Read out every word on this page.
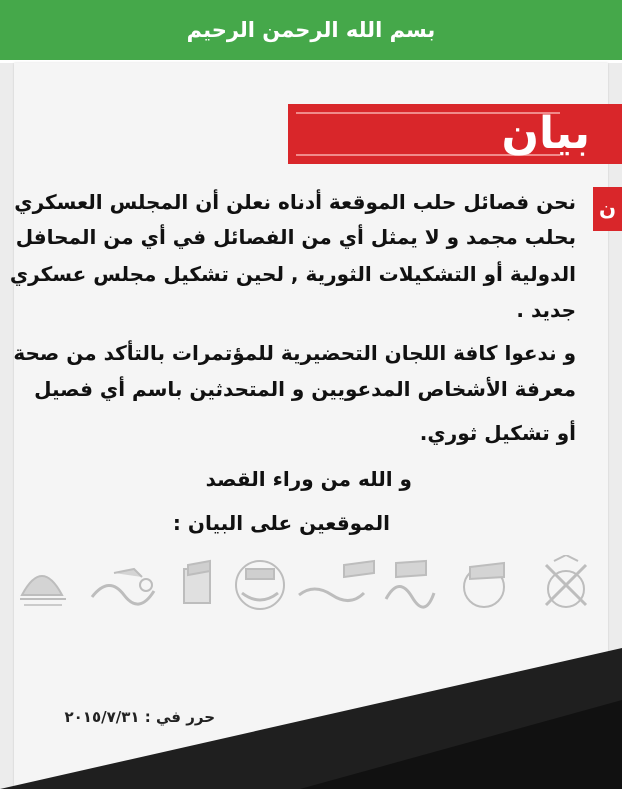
بسم الله الرحمن الرحيم
بيان
ن
نحن فصائل حلب الموقعة أدناه نعلن أن المجلس العسكري
بحلب مجمد و لا يمثل أي من الفصائل في أي من المحافل
الدولية أو التشكيلات الثورية , لحين تشكيل مجلس عسكري
جديد .
و ندعوا كافة اللجان التحضيرية للمؤتمرات بالتأكد من صحة
معرفة الأشخاص المدعويين و المتحدثين باسم أي فصيل
أو تشكيل ثوري.
و الله من وراء القصد
الموقعين على البيان :
حرر في : ٢٠١٥/٧/٣١
